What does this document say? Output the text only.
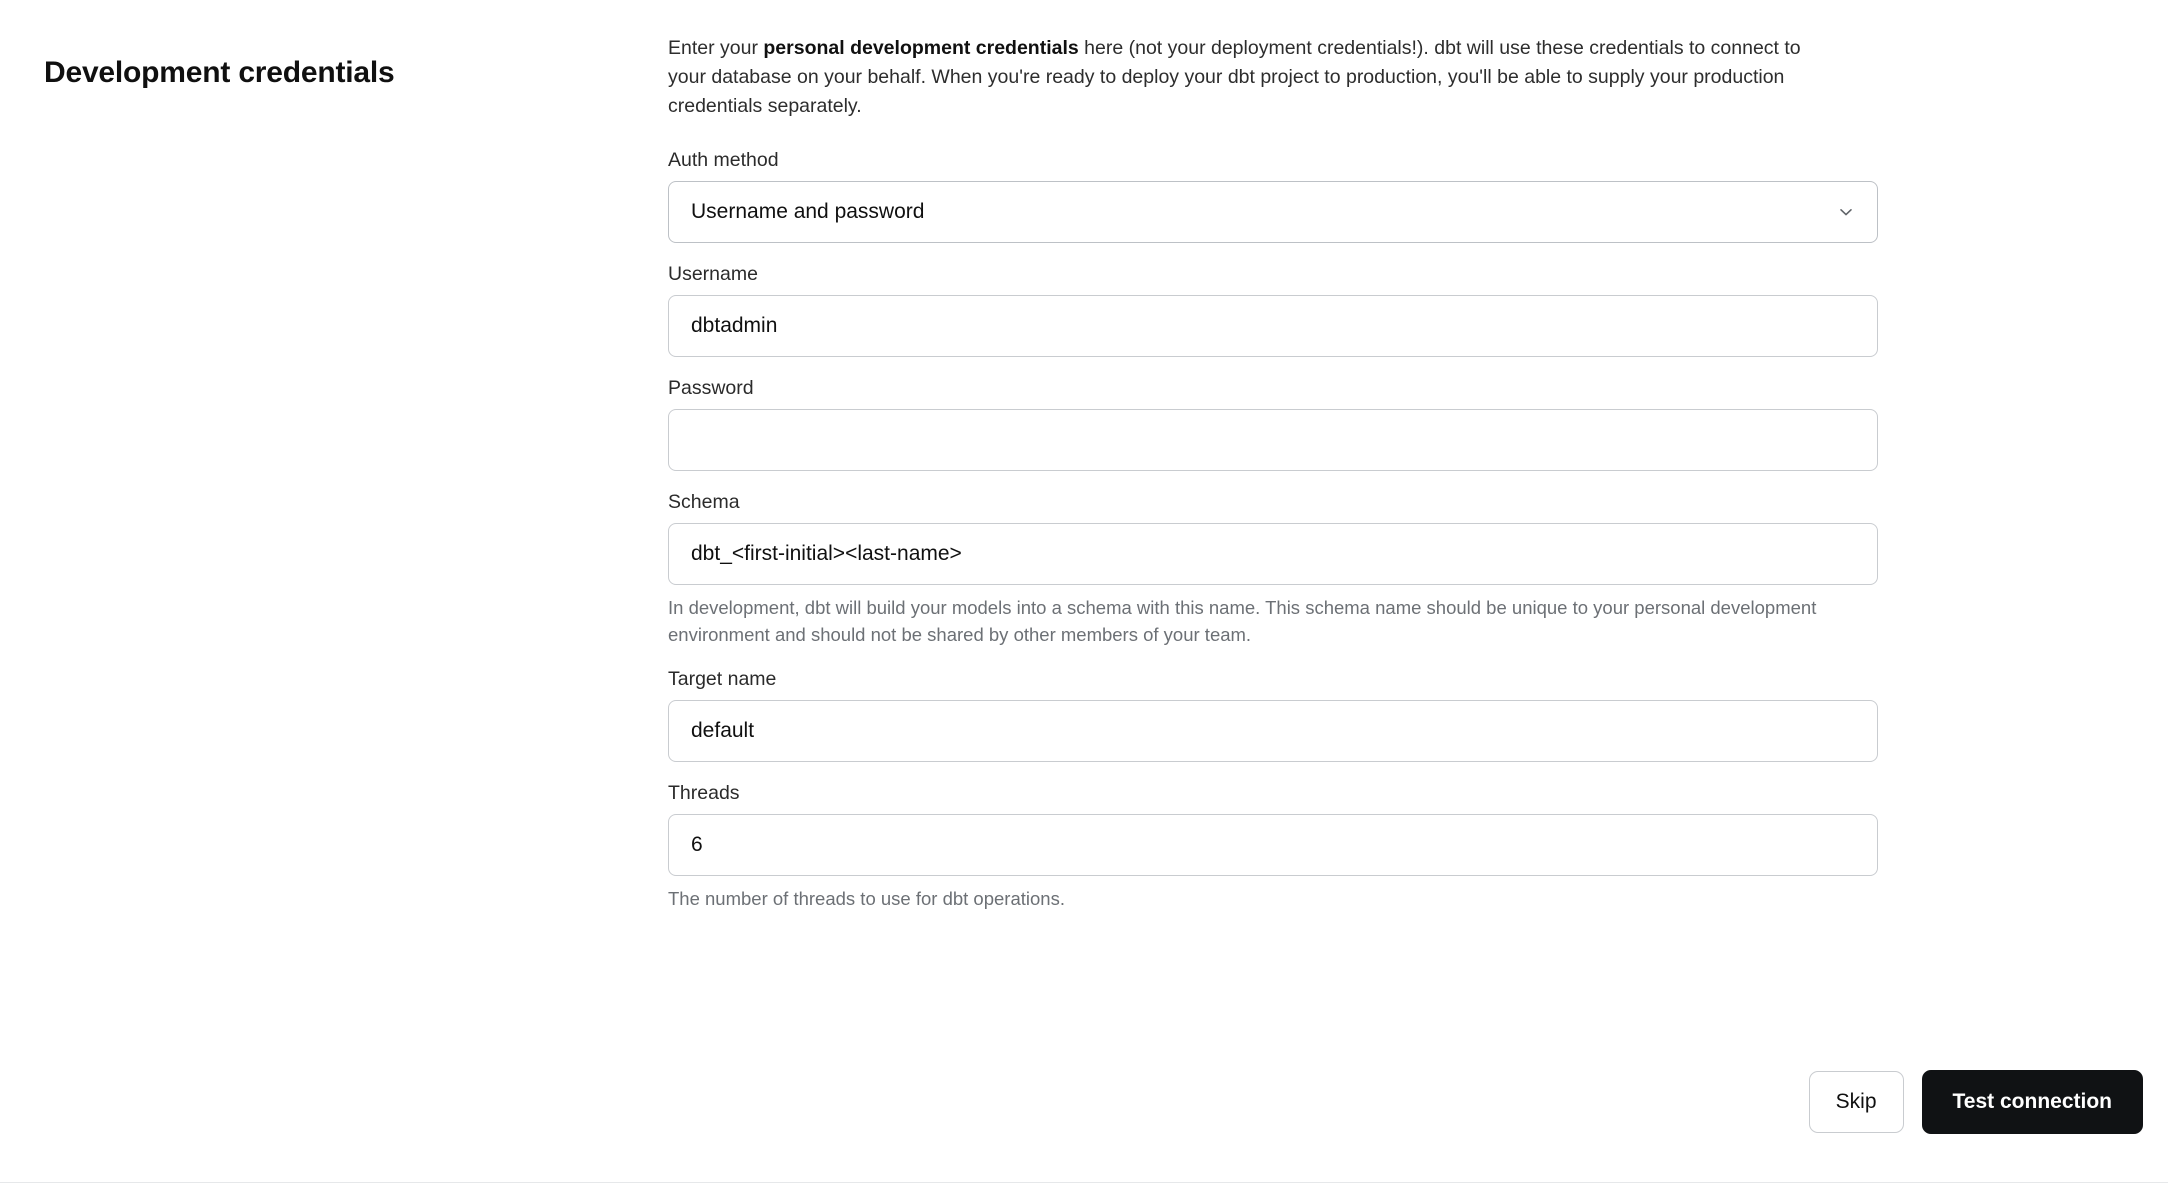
Development credentials

Enter your personal development credentials here (not your deployment credentials!). dbt will use these credentials to connect to your database on your behalf. When you're ready to deploy your dbt project to production, you'll be able to supply your production credentials separately.

Auth method
Username and password
Username
dbtadmin
Password
Schema
dbt_<first-initial><last-name>
In development, dbt will build your models into a schema with this name. This schema name should be unique to your personal development environment and should not be shared by other members of your team.
Target name
default
Threads
6
The number of threads to use for dbt operations.
Skip	Test connection
